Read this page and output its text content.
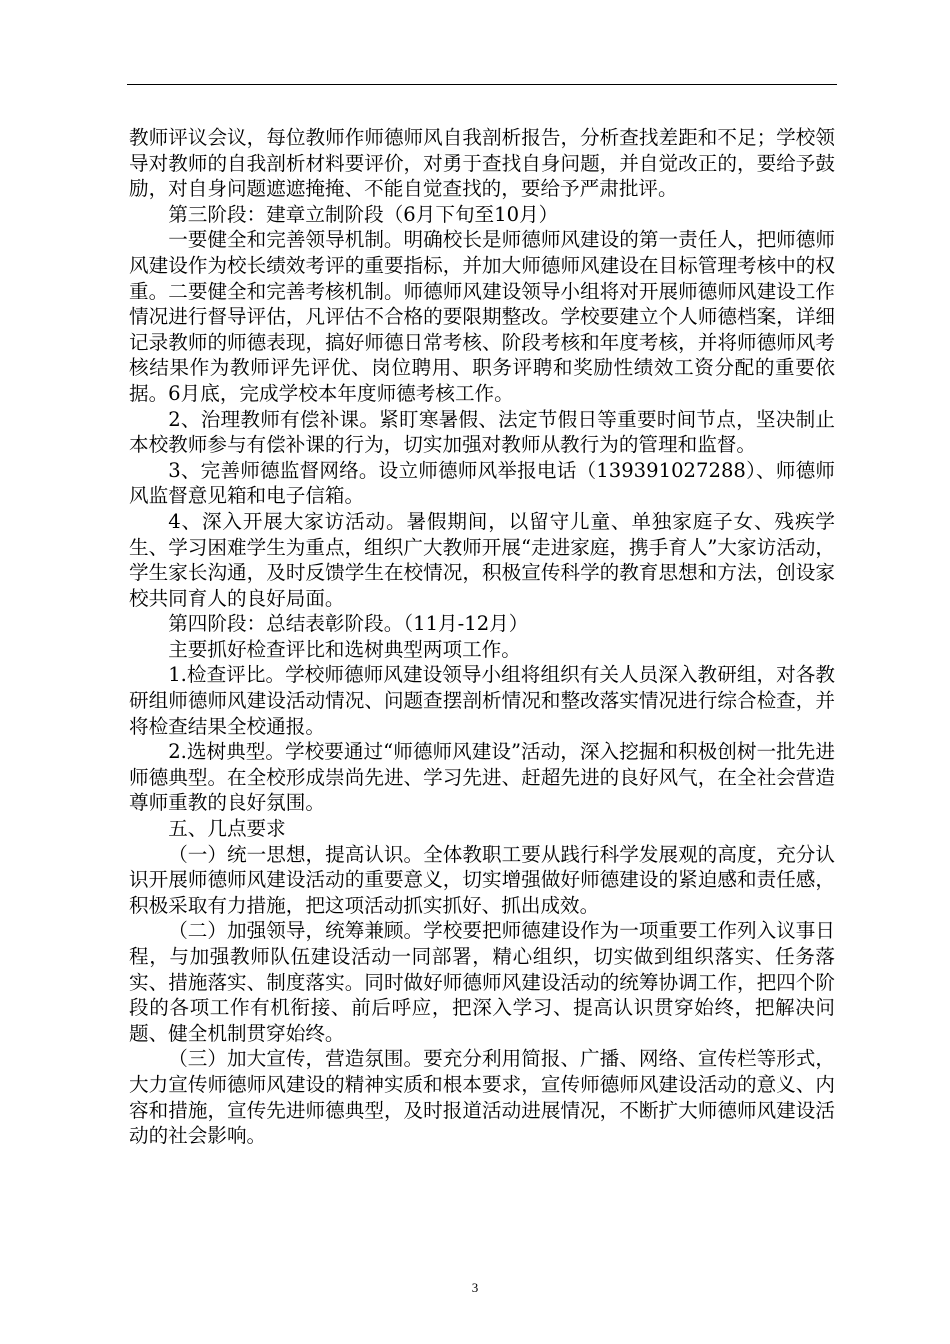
教师评议会议，每位教师作师德师风自我剖析报告，分析查找差距和不足；学校领导对教师的自我剖析材料要评价，对勇于查找自身问题，并自觉改正的，要给予鼓励，对自身问题遮遮掩掩、不能自觉查找的，要给予严肃批评。

第三阶段：建章立制阶段（6月下旬至10月）

一要健全和完善领导机制。明确校长是师德师风建设的第一责任人，把师德师风建设作为校长绩效考评的重要指标，并加大师德师风建设在目标管理考核中的权重。二要健全和完善考核机制。师德师风建设领导小组将对开展师德师风建设工作情况进行督导评估，凡评估不合格的要限期整改。学校要建立个人师德档案，详细记录教师的师德表现，搞好师德日常考核、阶段考核和年度考核，并将师德师风考核结果作为教师评先评优、岗位聘用、职务评聘和奖励性绩效工资分配的重要依据。6月底，完成学校本年度师德考核工作。

2、治理教师有偿补课。紧盯寒暑假、法定节假日等重要时间节点，坚决制止本校教师参与有偿补课的行为，切实加强对教师从教行为的管理和监督。

3、完善师德监督网络。设立师德师风举报电话（13939102728​8）、师德师风监督意见箱和电子信箱。

4、深入开展大家访活动。暑假期间，以留守儿童、单独家庭子女、残疾学生、学习困难学生为重点，组织广大教师开展“走进家庭，携手育人”大家访活动，学生家长沟通，及时反馈学生在校情况，积极宣传科学的教育思想和方法，创设家校共同育人的良好局面。

第四阶段：总结表彰阶段。（11月-12月）

主要抓好检查评比和选树典型两项工作。

1.检查评比。学校师德师风建设领导小组将组织有关人员深入教研组，对各教研组师德师风建设活动情况、问题查摆剖析情况和整改落实情况进行综合检查，并将检查结果全校通报。

2.选树典型。学校要通过“师德师风建设”活动，深入挖掘和积极创树一批先进师德典型。在全校形成崇尚先进、学习先进、赶超先进的良好风气，在全社会营造尊师重教的良好氛围。

五、几点要求

（一）统一思想，提高认识。全体教职工要从践行科学发展观的高度，充分认识开展师德师风建设活动的重要意义，切实增强做好师德建设的紧迫感和责任感，积极采取有力措施，把这项活动抓实抓好、抓出成效。

（二）加强领导，统筹兼顾。学校要把师德建设作为一项重要工作列入议事日程，与加强教师队伍建设活动一同部署，精心组织，切实做到组织落实、任务落实、措施落实、制度落实。同时做好师德师风建设活动的统筹协调工作，把四个阶段的各项工作有机衔接、前后呼应，把深入学习、提高认识贯穿始终，把解决问题、健全机制贯穿始终。

（三）加大宣传，营造氛围。要充分利用简报、广播、网络、宣传栏等形式，大力宣传师德师风建设的精神实质和根本要求，宣传师德师风建设活动的意义、内容和措施，宣传先进师德典型，及时报道活动进展情况，不断扩大师德师风建设活动的社会影响。

3
